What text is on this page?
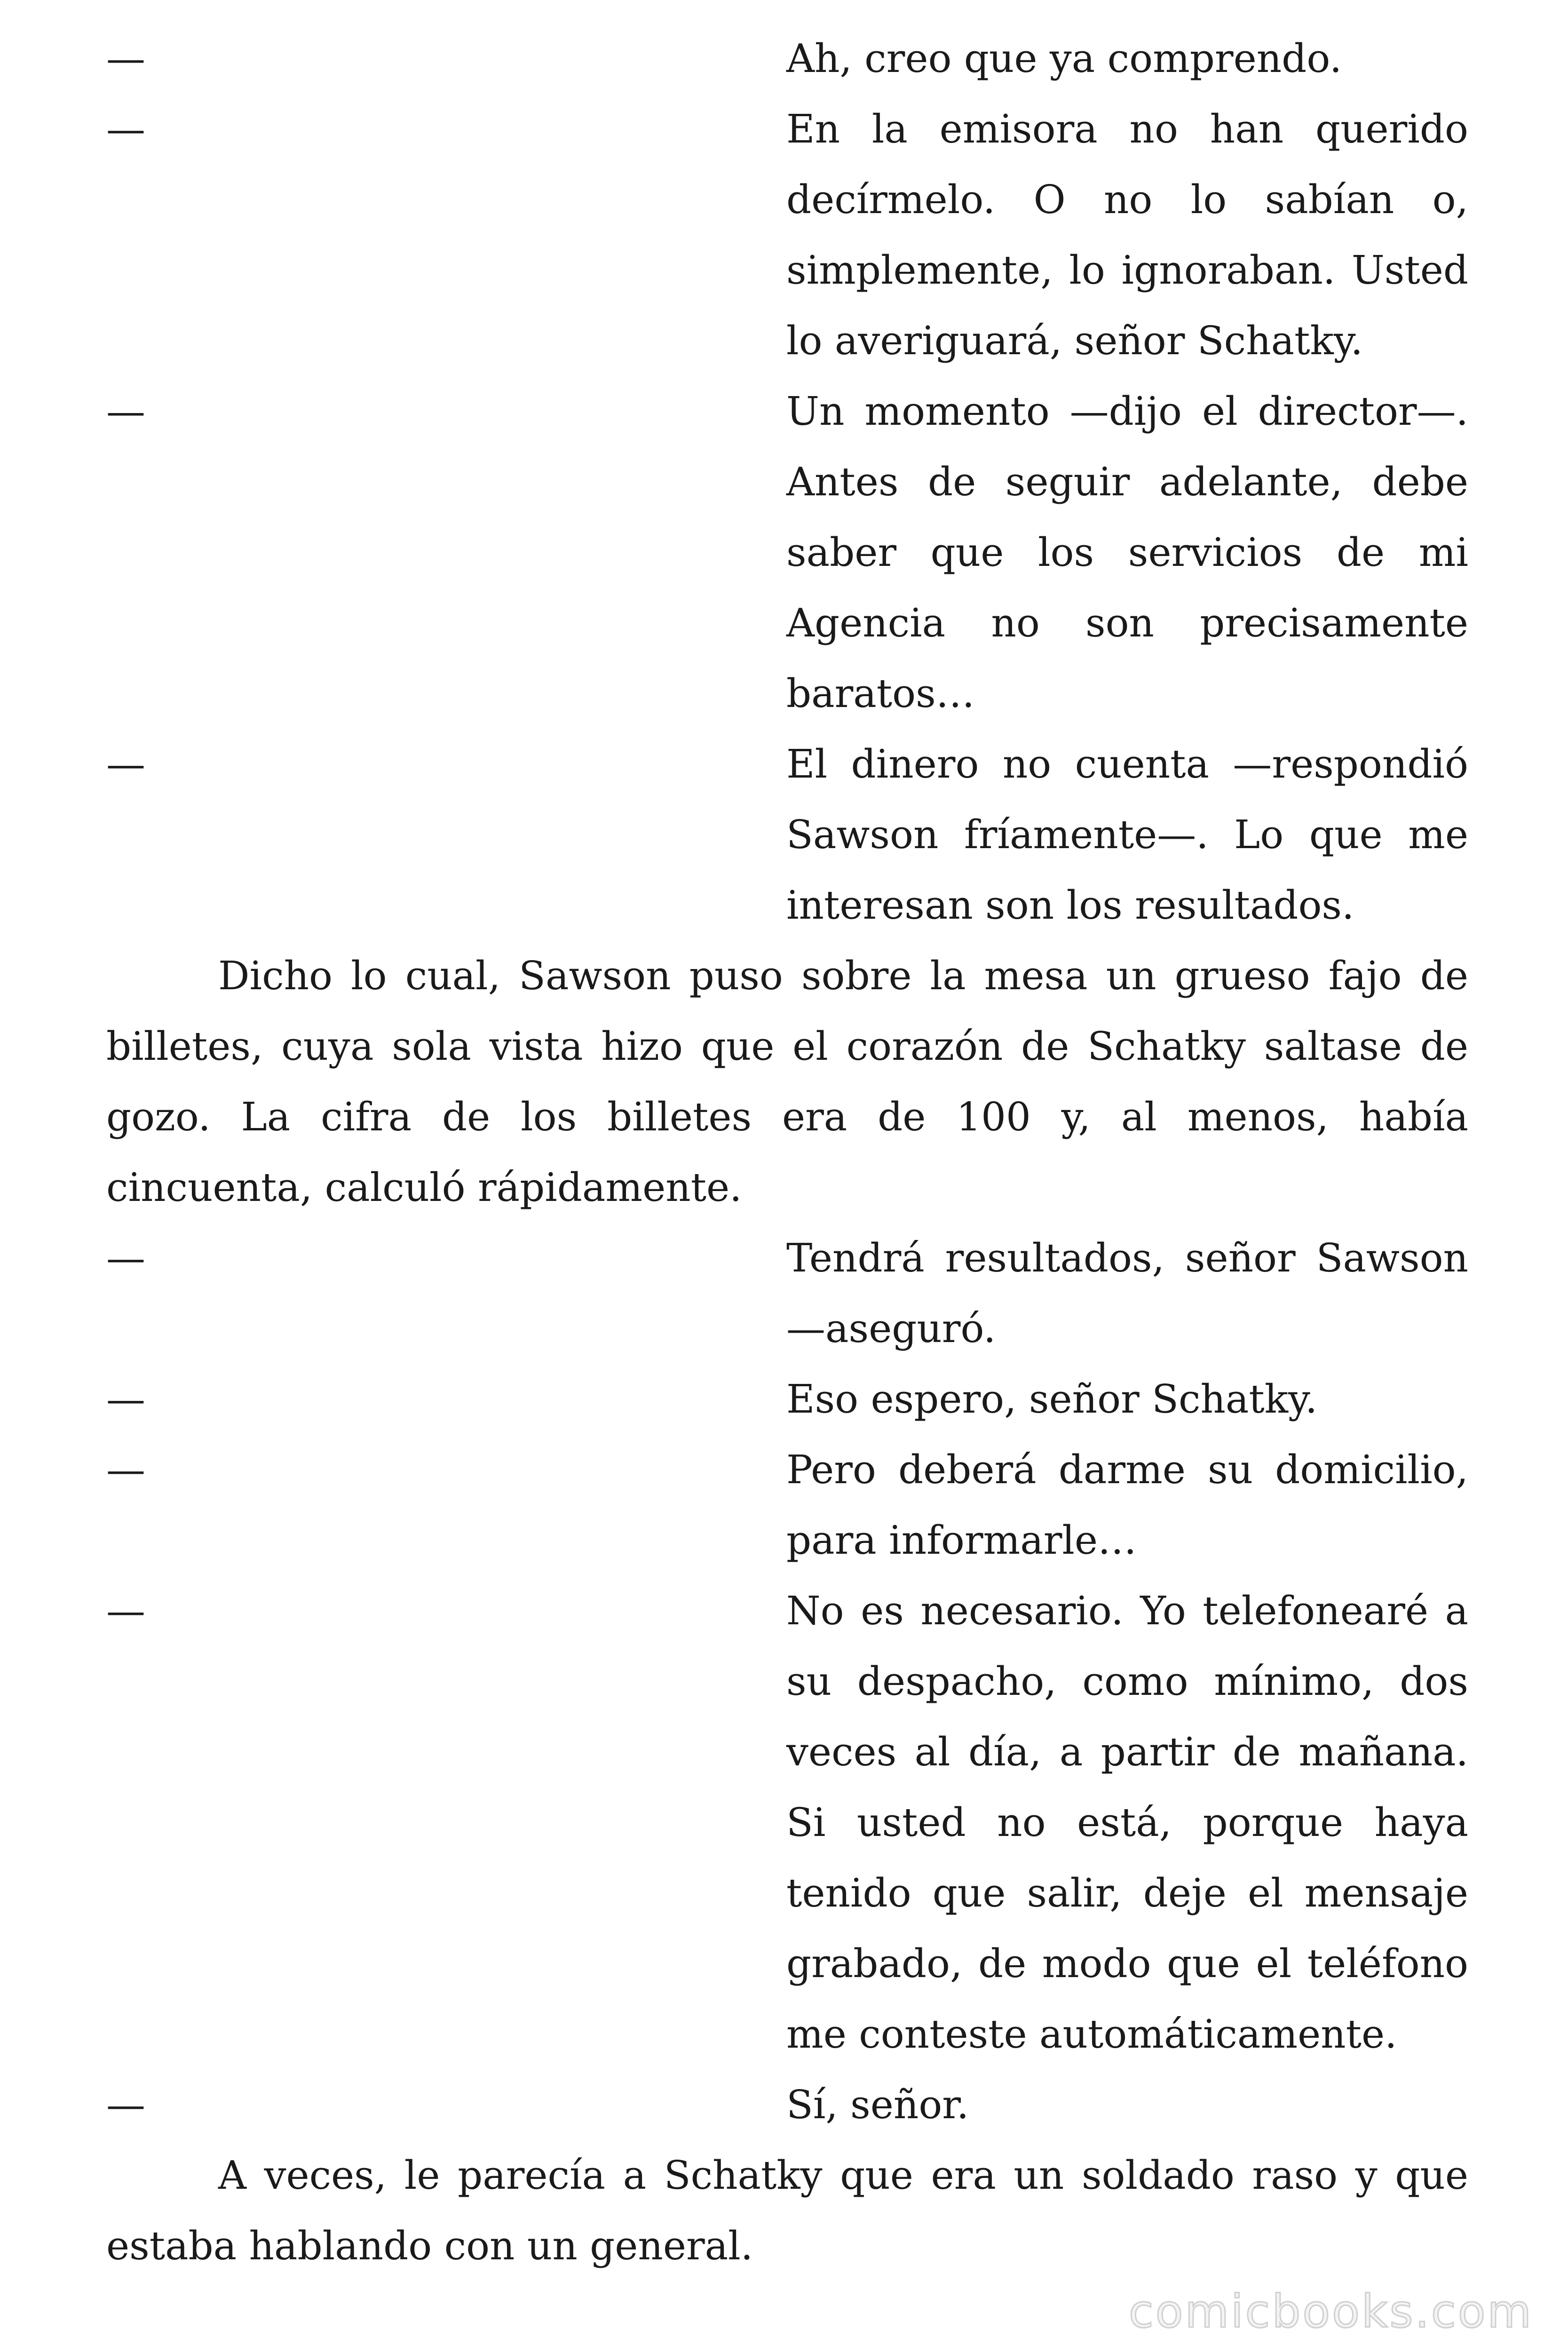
—	Ah, creo que ya comprendo.
—	En la emisora no han querido decírmelo. O no lo sabían o, simplemente, lo ignoraban. Usted lo averiguará, señor Schatky.
—	Un momento —dijo el director—. Antes de seguir adelante, debe saber que los servicios de mi Agencia no son precisamente baratos…
—	El dinero no cuenta —respondió Sawson fríamente—. Lo que me interesan son los resultados.

Dicho lo cual, Sawson puso sobre la mesa un grueso fajo de billetes, cuya sola vista hizo que el corazón de Schatky saltase de gozo. La cifra de los billetes era de 100 y, al menos, había cincuenta, calculó rápidamente.

—	Tendrá resultados, señor Sawson —aseguró.
—	Eso espero, señor Schatky.
—	Pero deberá darme su domicilio, para informarle…
—	No es necesario. Yo telefonearé a su despacho, como mínimo, dos veces al día, a partir de mañana. Si usted no está, porque haya tenido que salir, deje el mensaje grabado, de modo que el teléfono me conteste automáticamente.
—	Sí, señor.

A veces, le parecía a Schatky que era un soldado raso y que estaba hablando con un general.

comicbooks.com
